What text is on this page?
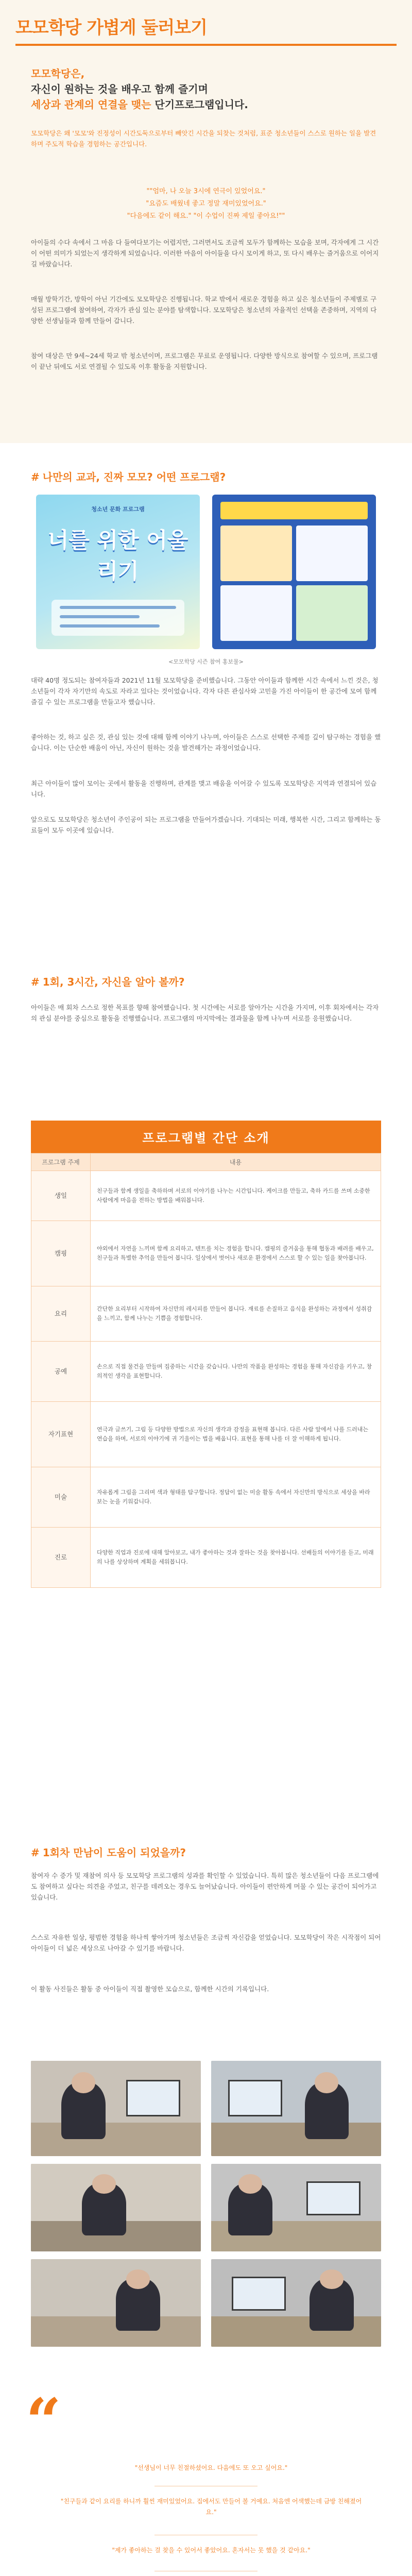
모모학당 가볍게 둘러보기
모모학당은,
자신이 원하는 것을 배우고 함께 즐기며
세상과 관계의 연결을 맺는 단기프로그램입니다.
모모학당은 왜 '모모'와 진정성이 시간도둑으로부터 빼앗긴 시간을 되찾는 것처럼, 표준 청소년들이 스스로 원하는 일을 발견하며 주도적 학습을 경험하는 공간입니다.
""엄마, 나 오늘 3시에 연극이 있었어요."
"요즘도 배웠네 좋고 정말 재미있었어요."
"다음에도 같이 해요." "이 수업이 진짜 제일 좋아요!""
아이들의 수다 속에서 그 마음 다 들여다보기는 어렵지만, 그러면서도 조금씩 모두가 함께하는 모습을 보며, 각자에게 그 시간이 어떤 의미가 되었는지 생각하게 되었습니다. 이러한 마음이 아이들을 다시 모이게 하고, 또 다시 배우는 즐거움으로 이어지길 바랐습니다.
매월 방학기간, 방학이 아닌 기간에도 모모학당은 진행됩니다. 학교 밖에서 새로운 경험을 하고 싶은 청소년들이 주제별로 구성된 프로그램에 참여하여, 각자가 관심 있는 분야를 탐색합니다. 모모학당은 청소년의 자율적인 선택을 존중하며, 지역의 다양한 선생님들과 함께 만들어 갑니다.
참여 대상은 만 9세~24세 학교 밖 청소년이며, 프로그램은 무료로 운영됩니다. 다양한 방식으로 참여할 수 있으며, 프로그램이 끝난 뒤에도 서로 연결될 수 있도록 이후 활동을 지원합니다.
# 나만의 교과, 진짜 모모? 어떤 프로그램?
청소년 문화 프로그램
너를 위한 어울리기
<모모학당 시즌 참여 홍보물>
대략 40명 정도되는 참여자들과 2021년 11월 모모학당을 준비했습니다. 그동안 아이들과 함께한 시간 속에서 느낀 것은, 청소년들이 각자 자기만의 속도로 자라고 있다는 것이었습니다. 각자 다른 관심사와 고민을 가진 아이들이 한 공간에 모여 함께 즐길 수 있는 프로그램을 만들고자 했습니다.
좋아하는 것, 하고 싶은 것, 관심 있는 것에 대해 함께 이야기 나누며, 아이들은 스스로 선택한 주제를 깊이 탐구하는 경험을 했습니다. 이는 단순한 배움이 아닌, 자신이 원하는 것을 발견해가는 과정이었습니다.
최근 아이들이 많이 모이는 곳에서 활동을 진행하며, 관계를 맺고 배움을 이어갈 수 있도록 모모학당은 지역과 연결되어 있습니다.
앞으로도 모모학당은 청소년이 주인공이 되는 프로그램을 만들어가겠습니다. 기대되는 미래, 행복한 시간, 그리고 함께하는 동료들이 모두 이곳에 있습니다.
# 1회, 3시간, 자신을 알아 볼까?
아이들은 매 회차 스스로 정한 목표를 향해 참여했습니다. 첫 시간에는 서로를 알아가는 시간을 가지며, 이후 회차에서는 각자의 관심 분야를 중심으로 활동을 진행했습니다. 프로그램의 마지막에는 결과물을 함께 나누며 서로를 응원했습니다.
프로그램별 간단 소개
프로그램 주제	내용
생일	친구들과 함께 생일을 축하하며 서로의 이야기를 나누는 시간입니다. 케이크를 만들고, 축하 카드를 쓰며 소중한 사람에게 마음을 전하는 방법을 배워봅니다.
캠핑	야외에서 자연을 느끼며 함께 요리하고, 텐트를 치는 경험을 합니다. 캠핑의 즐거움을 통해 협동과 배려를 배우고, 친구들과 특별한 추억을 만들어 봅니다. 일상에서 벗어나 새로운 환경에서 스스로 할 수 있는 일을 찾아봅니다.
요리	간단한 요리부터 시작하여 자신만의 레시피를 만들어 봅니다. 재료를 손질하고 음식을 완성하는 과정에서 성취감을 느끼고, 함께 나누는 기쁨을 경험합니다.
공예	손으로 직접 물건을 만들며 집중하는 시간을 갖습니다. 나만의 작품을 완성하는 경험을 통해 자신감을 키우고, 창의적인 생각을 표현합니다.
자기표현	연극과 글쓰기, 그림 등 다양한 방법으로 자신의 생각과 감정을 표현해 봅니다. 다른 사람 앞에서 나를 드러내는 연습을 하며, 서로의 이야기에 귀 기울이는 법을 배웁니다. 표현을 통해 나를 더 잘 이해하게 됩니다.
미술	자유롭게 그림을 그리며 색과 형태를 탐구합니다. 정답이 없는 미술 활동 속에서 자신만의 방식으로 세상을 바라보는 눈을 키워갑니다.
진로	다양한 직업과 진로에 대해 알아보고, 내가 좋아하는 것과 잘하는 것을 찾아봅니다. 선배들의 이야기를 듣고, 미래의 나를 상상하며 계획을 세워봅니다.
# 1회차 만남이 도움이 되었을까?
참여자 수 증가 및 재참여 의사 등 모모학당 프로그램의 성과를 확인할 수 있었습니다. 특히 많은 청소년들이 다음 프로그램에도 참여하고 싶다는 의견을 주었고, 친구를 데려오는 경우도 늘어났습니다. 아이들이 편안하게 머물 수 있는 공간이 되어가고 있습니다.
스스로 자유한 일상, 평범한 경험을 하나씩 쌓아가며 청소년들은 조금씩 자신감을 얻었습니다. 모모학당이 작은 시작점이 되어 아이들이 더 넓은 세상으로 나아갈 수 있기를 바랍니다.
이 활동 사진들은 활동 중 아이들이 직접 촬영한 모습으로, 함께한 시간의 기록입니다.
“
"선생님이 너무 친절하셨어요. 다음에도 또 오고 싶어요."
"친구들과 같이 요리를 하니까 훨씬 재미있었어요. 집에서도 만들어 볼 거예요. 처음엔 어색했는데 금방 친해졌어요."
"제가 좋아하는 걸 찾을 수 있어서 좋았어요. 혼자서는 못 했을 것 같아요."
